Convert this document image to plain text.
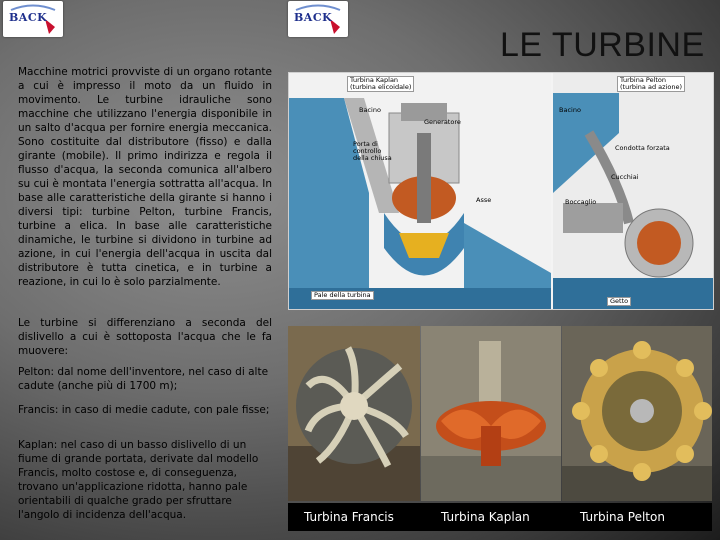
BACK	BACK
LE TURBINE
Macchine motrici provviste di un organo rotante a cui è impresso il moto da un fluido in movimento. Le turbine idrauliche sono macchine che utilizzano l'energia disponibile in un salto d'acqua per fornire energia meccanica. Sono costituite dal distributore (fisso) e dalla girante (mobile). Il primo indirizza e regola il flusso d'acqua, la seconda comunica all'albero su cui è montata l'energia sottratta all'acqua. In base alle caratteristiche della girante si hanno i diversi tipi: turbine Pelton, turbine Francis, turbine a elica. In base alle caratteristiche dinamiche, le turbine si dividono in turbine ad azione, in cui l'energia dell'acqua in uscita dal distributore è tutta cinetica, e in turbine a reazione, in cui lo è solo parzialmente.
Le turbine si differenziano a seconda del dislivello a cui è sottoposta l'acqua che le fa muovere:
Pelton: dal nome dell'inventore, nel caso di alte cadute (anche più di 1700 m);
Francis: in caso di medie cadute, con pale fisse;
Kaplan: nel caso di un basso dislivello di un fiume di grande portata, derivate dal modello Francis, molto costose e, di conseguenza, trovano un'applicazione ridotta, hanno pale orientabili di qualche grado per sfruttare l'angolo di incidenza dell'acqua.
Turbina Kaplan
(turbina elicoidale)
Turbina Pelton
(turbina ad azione)
Bacino
Generatore
Porta di controllo della chiusa
Asse
Pale della turbina
Bacino
Condotta forzata
Cucchiai
Boccaglio
Getto
Turbina Francis	Turbina Kaplan	Turbina Pelton
